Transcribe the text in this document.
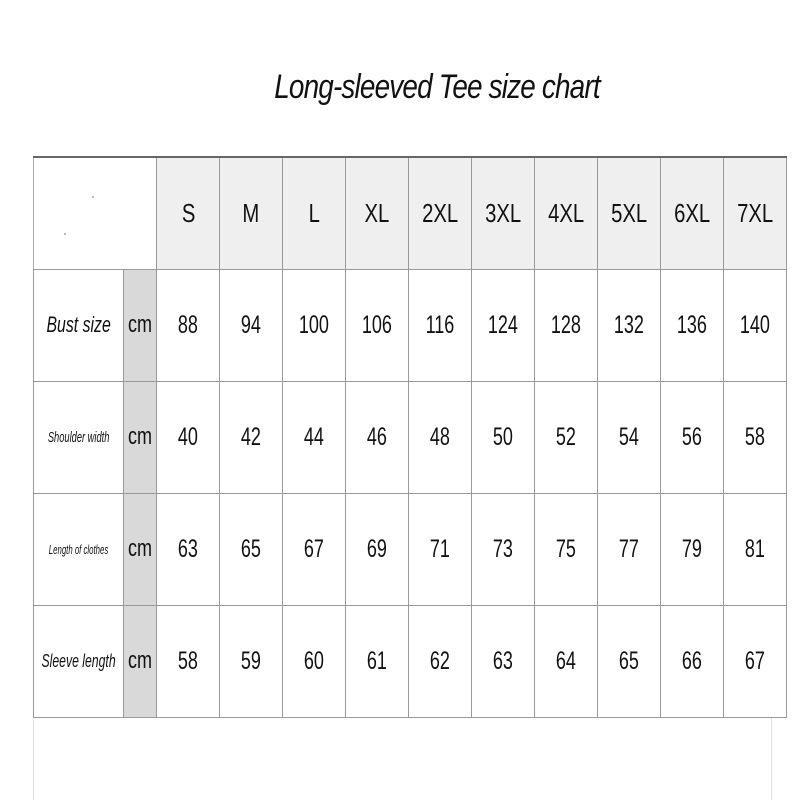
Long-sleeved Tee size chart
		S	M	L	XL	2XL	3XL	4XL	5XL	6XL	7XL
Bust size	cm	88	94	100	106	116	124	128	132	136	140
Shoulder width	cm	40	42	44	46	48	50	52	54	56	58
Length of clothes	cm	63	65	67	69	71	73	75	77	79	81
Sleeve length	cm	58	59	60	61	62	63	64	65	66	67
